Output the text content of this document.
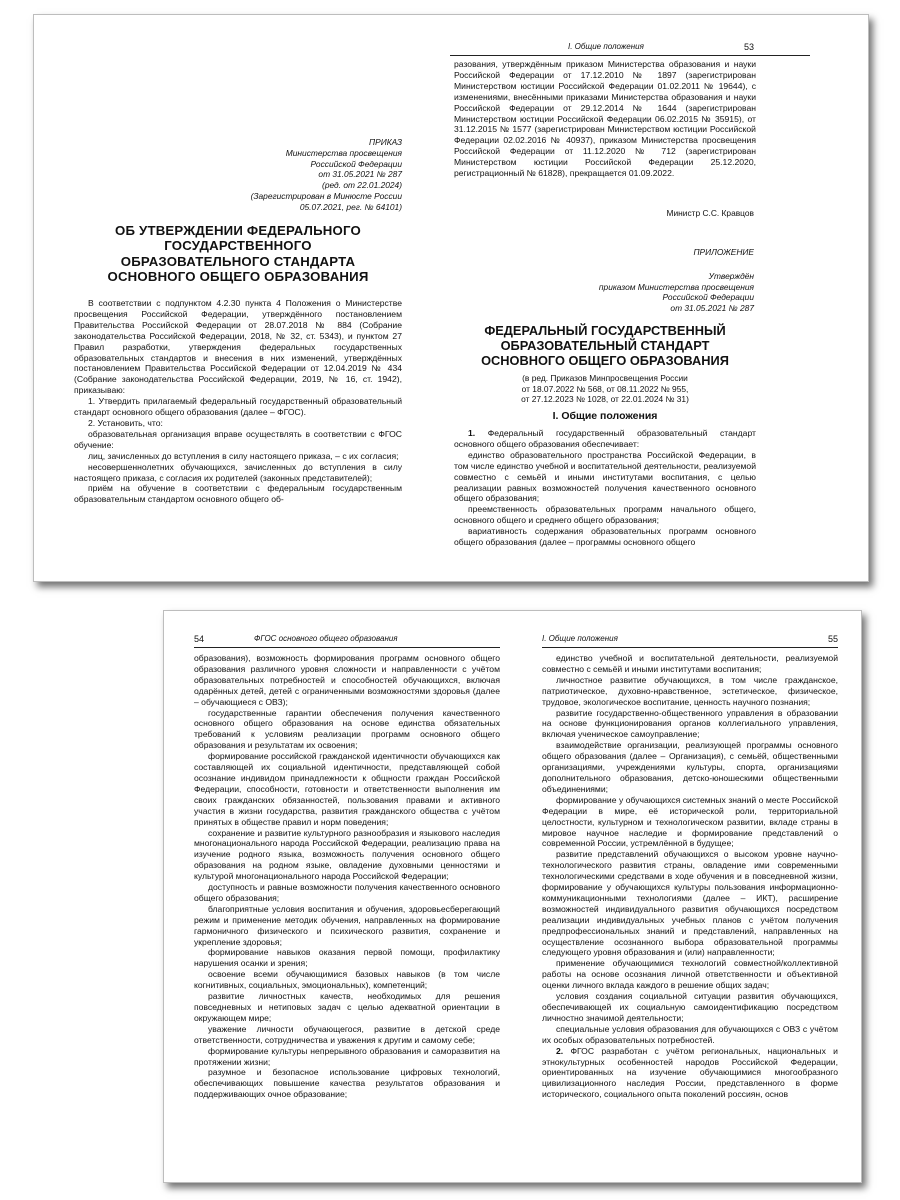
ПРИКАЗ
Министерства просвещения
Российской Федерации
от 31.05.2021 № 287
(ред. от 22.01.2024)
(Зарегистрирован в Минюсте России
05.07.2021, рег. № 64101)
ОБ УТВЕРЖДЕНИИ ФЕДЕРАЛЬНОГО
ГОСУДАРСТВЕННОГО
ОБРАЗОВАТЕЛЬНОГО СТАНДАРТА
ОСНОВНОГО ОБЩЕГО ОБРАЗОВАНИЯ

В соответствии с подпунктом 4.2.30 пункта 4 Положения о Министерстве просвещения Российской Федерации, утверждённого постановлением Правительства Российской Федерации от 28.07.2018 № 884 (Собрание законодательства Российской Федерации, 2018, № 32, ст. 5343), и пунктом 27 Правил разработки, утверждения федеральных государственных образовательных стандартов и внесения в них изменений, утверждённых постановлением Правительства Российской Федерации от 12.04.2019 № 434 (Собрание законодательства Российской Федерации, 2019, № 16, ст. 1942), приказываю:

1. Утвердить прилагаемый федеральный государственный образовательный стандарт основного общего образования (далее – ФГОС).

2. Установить, что:

образовательная организация вправе осуществлять в соответствии с ФГОС обучение:

лиц, зачисленных до вступления в силу настоящего приказа, – с их согласия;

несовершеннолетних обучающихся, зачисленных до вступления в силу настоящего приказа, с согласия их родителей (законных представителей);

приём на обучение в соответствии с федеральным государственным образовательным стандартом основного общего об-

I. Общие положения	53

разования, утверждённым приказом Министерства образования и науки Российской Федерации от 17.12.2010 № 1897 (зарегистрирован Министерством юстиции Российской Федерации 01.02.2011 № 19644), с изменениями, внесёнными приказами Министерства образования и науки Российской Федерации от 29.12.2014 № 1644 (зарегистрирован Министерством юстиции Российской Федерации 06.02.2015 № 35915), от 31.12.2015 № 1577 (зарегистрирован Министерством юстиции Российской Федерации 02.02.2016 № 40937), приказом Министерства просвещения Российской Федерации от 11.12.2020 № 712 (зарегистрирован Министерством юстиции Российской Федерации 25.12.2020, регистрационный № 61828), прекращается 01.09.2022.

Министр С.С. Кравцов
ПРИЛОЖЕНИЕ
Утверждён
приказом Министерства просвещения
Российской Федерации
от 31.05.2021 № 287
ФЕДЕРАЛЬНЫЙ ГОСУДАРСТВЕННЫЙ
ОБРАЗОВАТЕЛЬНЫЙ СТАНДАРТ
ОСНОВНОГО ОБЩЕГО ОБРАЗОВАНИЯ
(в ред. Приказов Минпросвещения России
от 18.07.2022 № 568, от 08.11.2022 № 955,
от 27.12.2023 № 1028, от 22.01.2024 № 31)
I. Общие положения

1. Федеральный государственный образовательный стандарт основного общего образования обеспечивает:

единство образовательного пространства Российской Федерации, в том числе единство учебной и воспитательной деятельности, реализуемой совместно с семьёй и иными институтами воспитания, с целью реализации равных возможностей получения качественного основного общего образования;

преемственность образовательных программ начального общего, основного общего и среднего общего образования;

вариативность содержания образовательных программ основного общего образования (далее – программы основного общего

54	ФГОС основного общего образования

образования), возможность формирования программ основного общего образования различного уровня сложности и направленности с учётом образовательных потребностей и способностей обучающихся, включая одарённых детей, детей с ограниченными возможностями здоровья (далее – обучающиеся с ОВЗ);

государственные гарантии обеспечения получения качественного основного общего образования на основе единства обязательных требований к условиям реализации программ основного общего образования и результатам их освоения;

формирование российской гражданской идентичности обучающихся как составляющей их социальной идентичности, представляющей собой осознание индивидом принадлежности к общности граждан Российской Федерации, способности, готовности и ответственности выполнения им своих гражданских обязанностей, пользования правами и активного участия в жизни государства, развития гражданского общества с учётом принятых в обществе правил и норм поведения;

сохранение и развитие культурного разнообразия и языкового наследия многонационального народа Российской Федерации, реализацию права на изучение родного языка, возможность получения основного общего образования на родном языке, овладение духовными ценностями и культурой многонационального народа Российской Федерации;

доступность и равные возможности получения качественного основного общего образования;

благоприятные условия воспитания и обучения, здоровьесберегающий режим и применение методик обучения, направленных на формирование гармоничного физического и психического развития, сохранение и укрепление здоровья;

формирование навыков оказания первой помощи, профилактику нарушения осанки и зрения;

освоение всеми обучающимися базовых навыков (в том числе когнитивных, социальных, эмоциональных), компетенций;

развитие личностных качеств, необходимых для решения повседневных и нетиповых задач с целью адекватной ориентации в окружающем мире;

уважение личности обучающегося, развитие в детской среде ответственности, сотрудничества и уважения к другим и самому себе;

формирование культуры непрерывного образования и саморазвития на протяжении жизни;

разумное и безопасное использование цифровых технологий, обеспечивающих повышение качества результатов образования и поддерживающих очное образование;

I. Общие положения	55

единство учебной и воспитательной деятельности, реализуемой совместно с семьёй и иными институтами воспитания;

личностное развитие обучающихся, в том числе гражданское, патриотическое, духовно-нравственное, эстетическое, физическое, трудовое, экологическое воспитание, ценность научного познания;

развитие государственно-общественного управления в образовании на основе функционирования органов коллегиального управления, включая ученическое самоуправление;

взаимодействие организации, реализующей программы основного общего образования (далее – Организация), с семьёй, общественными организациями, учреждениями культуры, спорта, организациями дополнительного образования, детско-юношескими общественными объединениями;

формирование у обучающихся системных знаний о месте Российской Федерации в мире, её исторической роли, территориальной целостности, культурном и технологическом развитии, вкладе страны в мировое научное наследие и формирование представлений о современной России, устремлённой в будущее;

развитие представлений обучающихся о высоком уровне научно-технологического развития страны, овладение ими современными технологическими средствами в ходе обучения и в повседневной жизни, формирование у обучающихся культуры пользования информационно-коммуникационными технологиями (далее – ИКТ), расширение возможностей индивидуального развития обучающихся посредством реализации индивидуальных учебных планов с учётом получения предпрофессиональных знаний и представлений, направленных на осуществление осознанного выбора образовательной программы следующего уровня образования и (или) направленности;

применение обучающимися технологий совместной/коллективной работы на основе осознания личной ответственности и объективной оценки личного вклада каждого в решение общих задач;

условия создания социальной ситуации развития обучающихся, обеспечивающей их социальную самоидентификацию посредством личностно значимой деятельности;

специальные условия образования для обучающихся с ОВЗ с учётом их особых образовательных потребностей.

2. ФГОС разработан с учётом региональных, национальных и этнокультурных особенностей народов Российской Федерации, ориентированных на изучение обучающимися многообразного цивилизационного наследия России, представленного в форме исторического, социального опыта поколений россиян, основ
